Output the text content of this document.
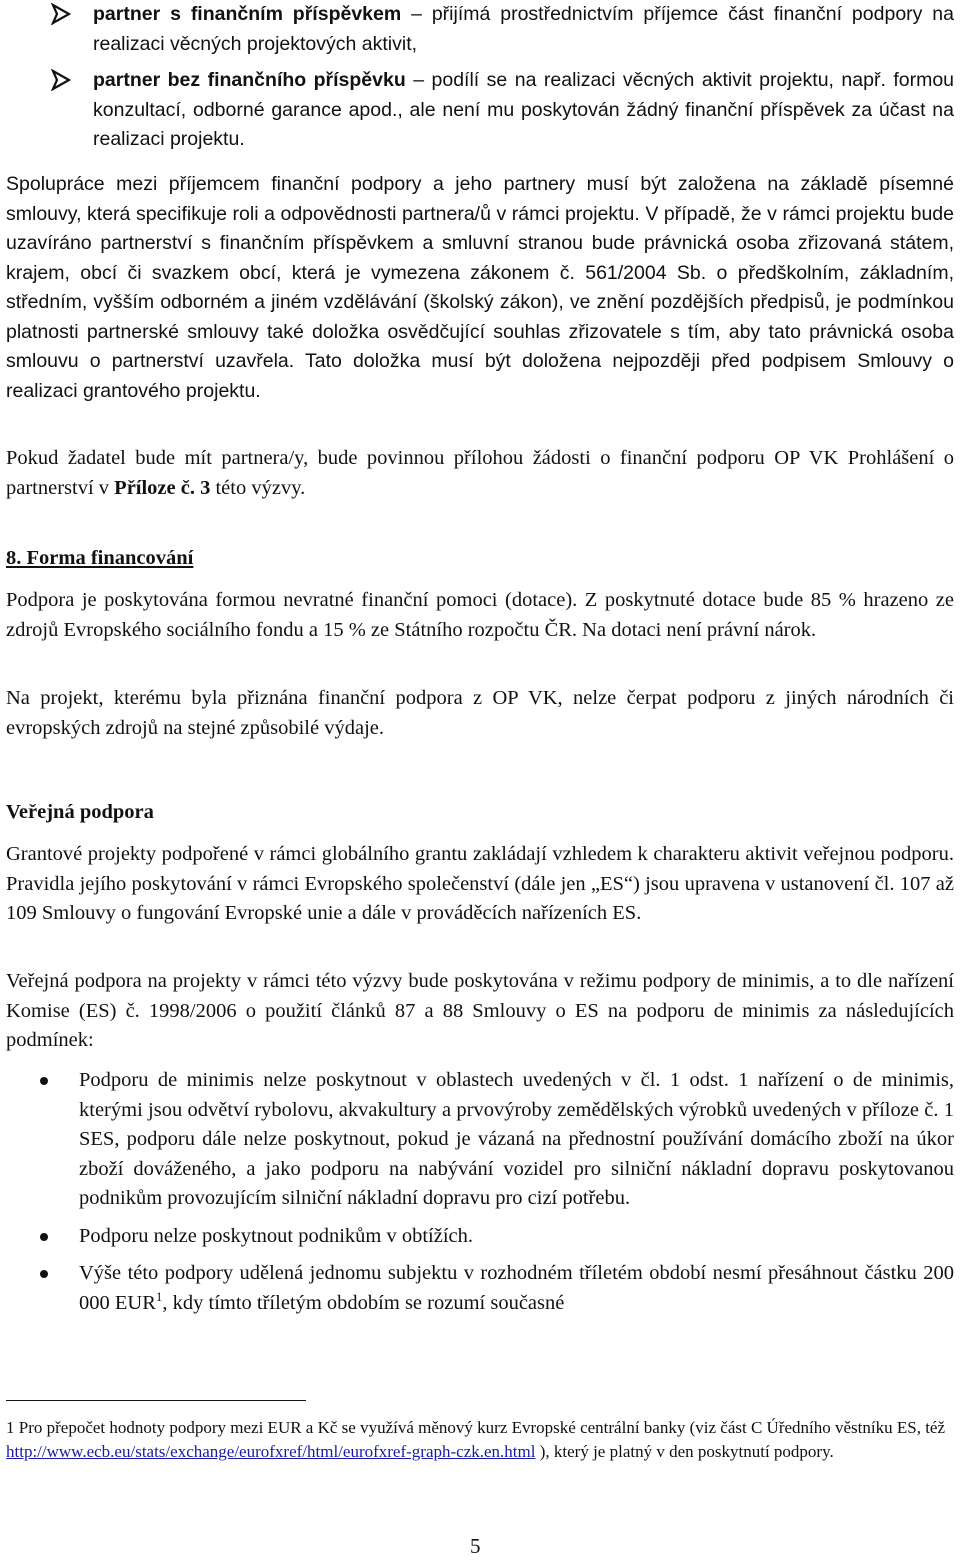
partner s finančním příspěvkem – přijímá prostřednictvím příjemce část finanční podpory na realizaci věcných projektových aktivit,

partner bez finančního příspěvku – podílí se na realizaci věcných aktivit projektu, např. formou konzultací, odborné garance apod., ale není mu poskytován žádný finanční příspěvek za účast na realizaci projektu.

Spolupráce mezi příjemcem finanční podpory a jeho partnery musí být založena na základě písemné smlouvy, která specifikuje roli a odpovědnosti partnera/ů v rámci projektu. V případě, že v rámci projektu bude uzavíráno partnerství s finančním příspěvkem a smluvní stranou bude právnická osoba zřizovaná státem, krajem, obcí či svazkem obcí, která je vymezena zákonem č. 561/2004 Sb. o předškolním, základním, středním, vyšším odborném a jiném vzdělávání (školský zákon), ve znění pozdějších předpisů, je podmínkou platnosti partnerské smlouvy také doložka osvědčující souhlas zřizovatele s tím, aby tato právnická osoba smlouvu o partnerství uzavřela. Tato doložka musí být doložena nejpozději před podpisem Smlouvy o realizaci grantového projektu.

Pokud žadatel bude mít partnera/y, bude povinnou přílohou žádosti o finanční podporu OP VK Prohlášení o partnerství v Příloze č. 3 této výzvy.

8. Forma financování

Podpora je poskytována formou nevratné finanční pomoci (dotace). Z poskytnuté dotace bude 85 % hrazeno ze zdrojů Evropského sociálního fondu a 15 % ze Státního rozpočtu ČR. Na dotaci není právní nárok.

Na projekt, kterému byla přiznána finanční podpora z OP VK, nelze čerpat podporu z jiných národních či evropských zdrojů na stejné způsobilé výdaje.

Veřejná podpora

Grantové projekty podpořené v rámci globálního grantu zakládají vzhledem k charakteru aktivit veřejnou podporu. Pravidla jejího poskytování v rámci Evropského společenství (dále jen „ES“) jsou upravena v ustanovení čl. 107 až 109 Smlouvy o fungování Evropské unie a dále v prováděcích nařízeních ES.

Veřejná podpora na projekty v rámci této výzvy bude poskytována v režimu podpory de minimis, a to dle nařízení Komise (ES) č. 1998/2006 o použití článků 87 a 88 Smlouvy o ES na podporu de minimis za následujících podmínek:

Podporu de minimis nelze poskytnout v oblastech uvedených v čl. 1 odst. 1 nařízení o de minimis, kterými jsou odvětví rybolovu, akvakultury a prvovýroby zemědělských výrobků uvedených v příloze č. 1 SES, podporu dále nelze poskytnout, pokud je vázaná na přednostní používání domácího zboží na úkor zboží dováženého, a jako podporu na nabývání vozidel pro silniční nákladní dopravu poskytovanou podnikům provozujícím silniční nákladní dopravu pro cizí potřebu.
Podporu nelze poskytnout podnikům v obtížích.
Výše této podpory udělená jednomu subjektu v rozhodném tříletém období nesmí přesáhnout částku 200 000 EUR$^1$, kdy tímto tříletým obdobím se rozumí současné
1 Pro přepočet hodnoty podpory mezi EUR a Kč se využívá měnový kurz Evropské centrální banky (viz část C Úředního věstníku ES, též http://www.ecb.eu/stats/exchange/eurofxref/html/eurofxref-graph-czk.en.html ), který je platný v den poskytnutí podpory.
5
